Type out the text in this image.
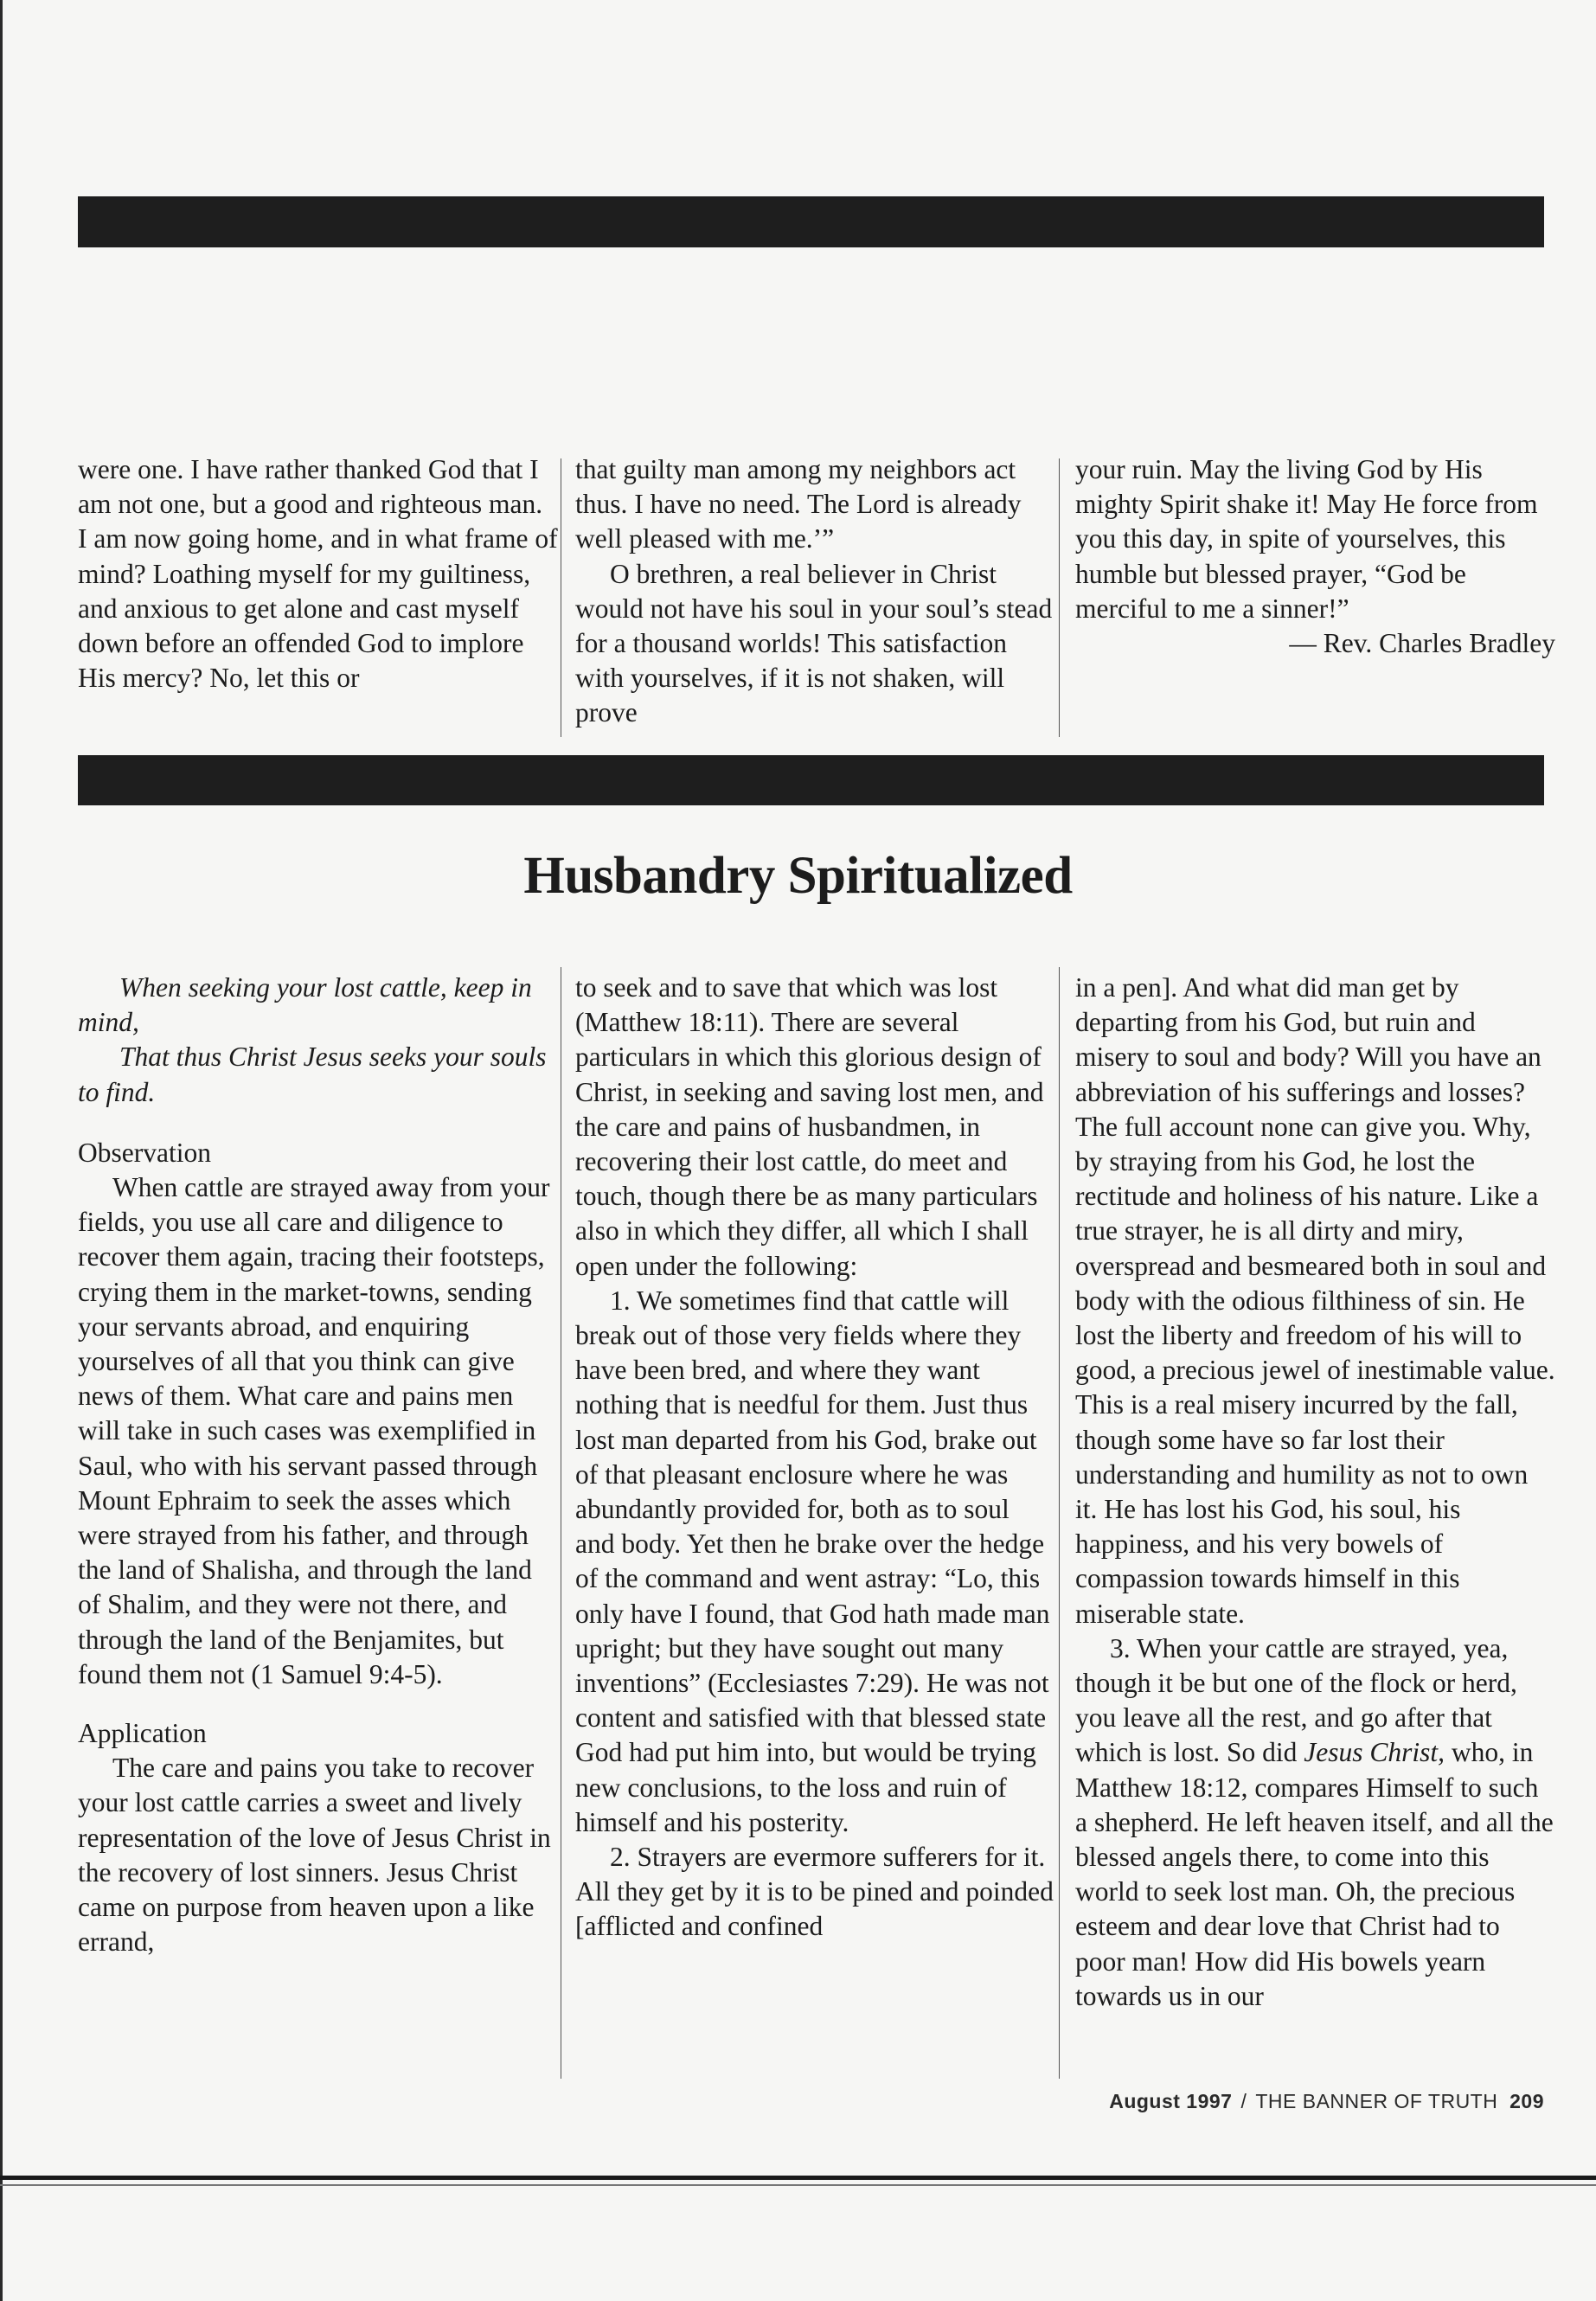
were one. I have rather thanked God that I am not one, but a good and righteous man. I am now going home, and in what frame of mind? Loathing myself for my guiltiness, and anxious to get alone and cast myself down before an offended God to implore His mercy? No, let this or

that guilty man among my neighbors act thus. I have no need. The Lord is already well pleased with me.’”

O brethren, a real believer in Christ would not have his soul in your soul’s stead for a thousand worlds! This satisfaction with yourselves, if it is not shaken, will prove

your ruin. May the living God by His mighty Spirit shake it! May He force from you this day, in spite of yourselves, this humble but blessed prayer, “God be merciful to me a sinner!”

— Rev. Charles Bradley

Husbandry Spiritualized

When seeking your lost cattle, keep in mind,

That thus Christ Jesus seeks your souls to find.

Observation

When cattle are strayed away from your fields, you use all care and diligence to recover them again, tracing their footsteps, crying them in the market-towns, sending your servants abroad, and enquiring yourselves of all that you think can give news of them. What care and pains men will take in such cases was exemplified in Saul, who with his servant passed through Mount Ephraim to seek the asses which were strayed from his father, and through the land of Shalisha, and through the land of Shalim, and they were not there, and through the land of the Benjamites, but found them not (1 Samuel 9:4-5).

Application

The care and pains you take to recover your lost cattle carries a sweet and lively representation of the love of Jesus Christ in the recovery of lost sinners. Jesus Christ came on purpose from heaven upon a like errand,

to seek and to save that which was lost (Matthew 18:11). There are several particulars in which this glorious design of Christ, in seeking and saving lost men, and the care and pains of husbandmen, in recovering their lost cattle, do meet and touch, though there be as many particulars also in which they differ, all which I shall open under the following:

1. We sometimes find that cattle will break out of those very fields where they have been bred, and where they want nothing that is needful for them. Just thus lost man departed from his God, brake out of that pleasant enclosure where he was abundantly provided for, both as to soul and body. Yet then he brake over the hedge of the command and went astray: “Lo, this only have I found, that God hath made man upright; but they have sought out many inventions” (Ecclesiastes 7:29). He was not content and satisfied with that blessed state God had put him into, but would be trying new conclusions, to the loss and ruin of himself and his posterity.

2. Strayers are evermore sufferers for it. All they get by it is to be pined and poinded [afflicted and confined

in a pen]. And what did man get by departing from his God, but ruin and misery to soul and body? Will you have an abbreviation of his sufferings and losses? The full account none can give you. Why, by straying from his God, he lost the rectitude and holiness of his nature. Like a true strayer, he is all dirty and miry, overspread and besmeared both in soul and body with the odious filthiness of sin. He lost the liberty and freedom of his will to good, a precious jewel of inestimable value. This is a real misery incurred by the fall, though some have so far lost their understanding and humility as not to own it. He has lost his God, his soul, his happiness, and his very bowels of compassion towards himself in this miserable state.

3. When your cattle are strayed, yea, though it be but one of the flock or herd, you leave all the rest, and go after that which is lost. So did Jesus Christ, who, in Matthew 18:12, compares Himself to such a shepherd. He left heaven itself, and all the blessed angels there, to come into this world to seek lost man. Oh, the precious esteem and dear love that Christ had to poor man! How did His bowels yearn towards us in our

August 1997 / THE BANNER OF TRUTH 209
